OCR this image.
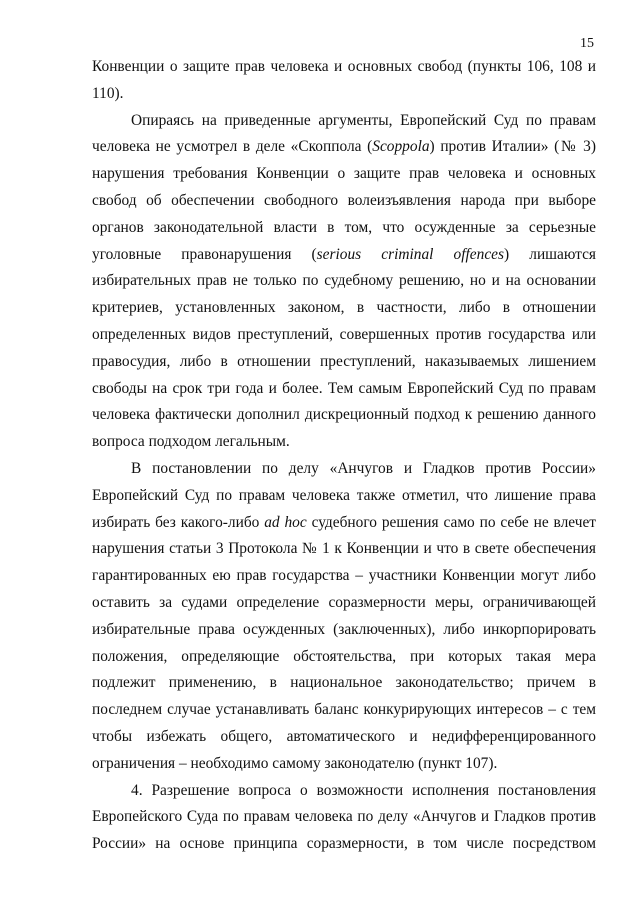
15
Конвенции о защите прав человека и основных свобод (пункты 106, 108 и
110).
Опираясь на приведенные аргументы, Европейский Суд по правам
человека не усмотрел в деле «Скоппола (Scoppola) против Италии» (№ 3)
нарушения требования Конвенции о защите прав человека и основных
свобод об обеспечении свободного волеизъявления народа при выборе
органов законодательной власти в том, что осужденные за серьезные
уголовные правонарушения (serious criminal offences) лишаются
избирательных прав не только по судебному решению, но и на основании
критериев, установленных законом, в частности, либо в отношении
определенных видов преступлений, совершенных против государства или
правосудия, либо в отношении преступлений, наказываемых лишением
свободы на срок три года и более. Тем самым Европейский Суд по правам
человека фактически дополнил дискреционный подход к решению данного
вопроса подходом легальным.
В постановлении по делу «Анчугов и Гладков против России»
Европейский Суд по правам человека также отметил, что лишение права
избирать без какого-либо ad hoc судебного решения само по себе не влечет
нарушения статьи 3 Протокола № 1 к Конвенции и что в свете обеспечения
гарантированных ею прав государства – участники Конвенции могут либо
оставить за судами определение соразмерности меры, ограничивающей
избирательные права осужденных (заключенных), либо инкорпорировать
положения, определяющие обстоятельства, при которых такая мера
подлежит применению, в национальное законодательство; причем в
последнем случае устанавливать баланс конкурирующих интересов – с тем
чтобы избежать общего, автоматического и недифференцированного
ограничения – необходимо самому законодателю (пункт 107).
4. Разрешение вопроса о возможности исполнения постановления
Европейского Суда по правам человека по делу «Анчугов и Гладков против
России» на основе принципа соразмерности, в том числе посредством
